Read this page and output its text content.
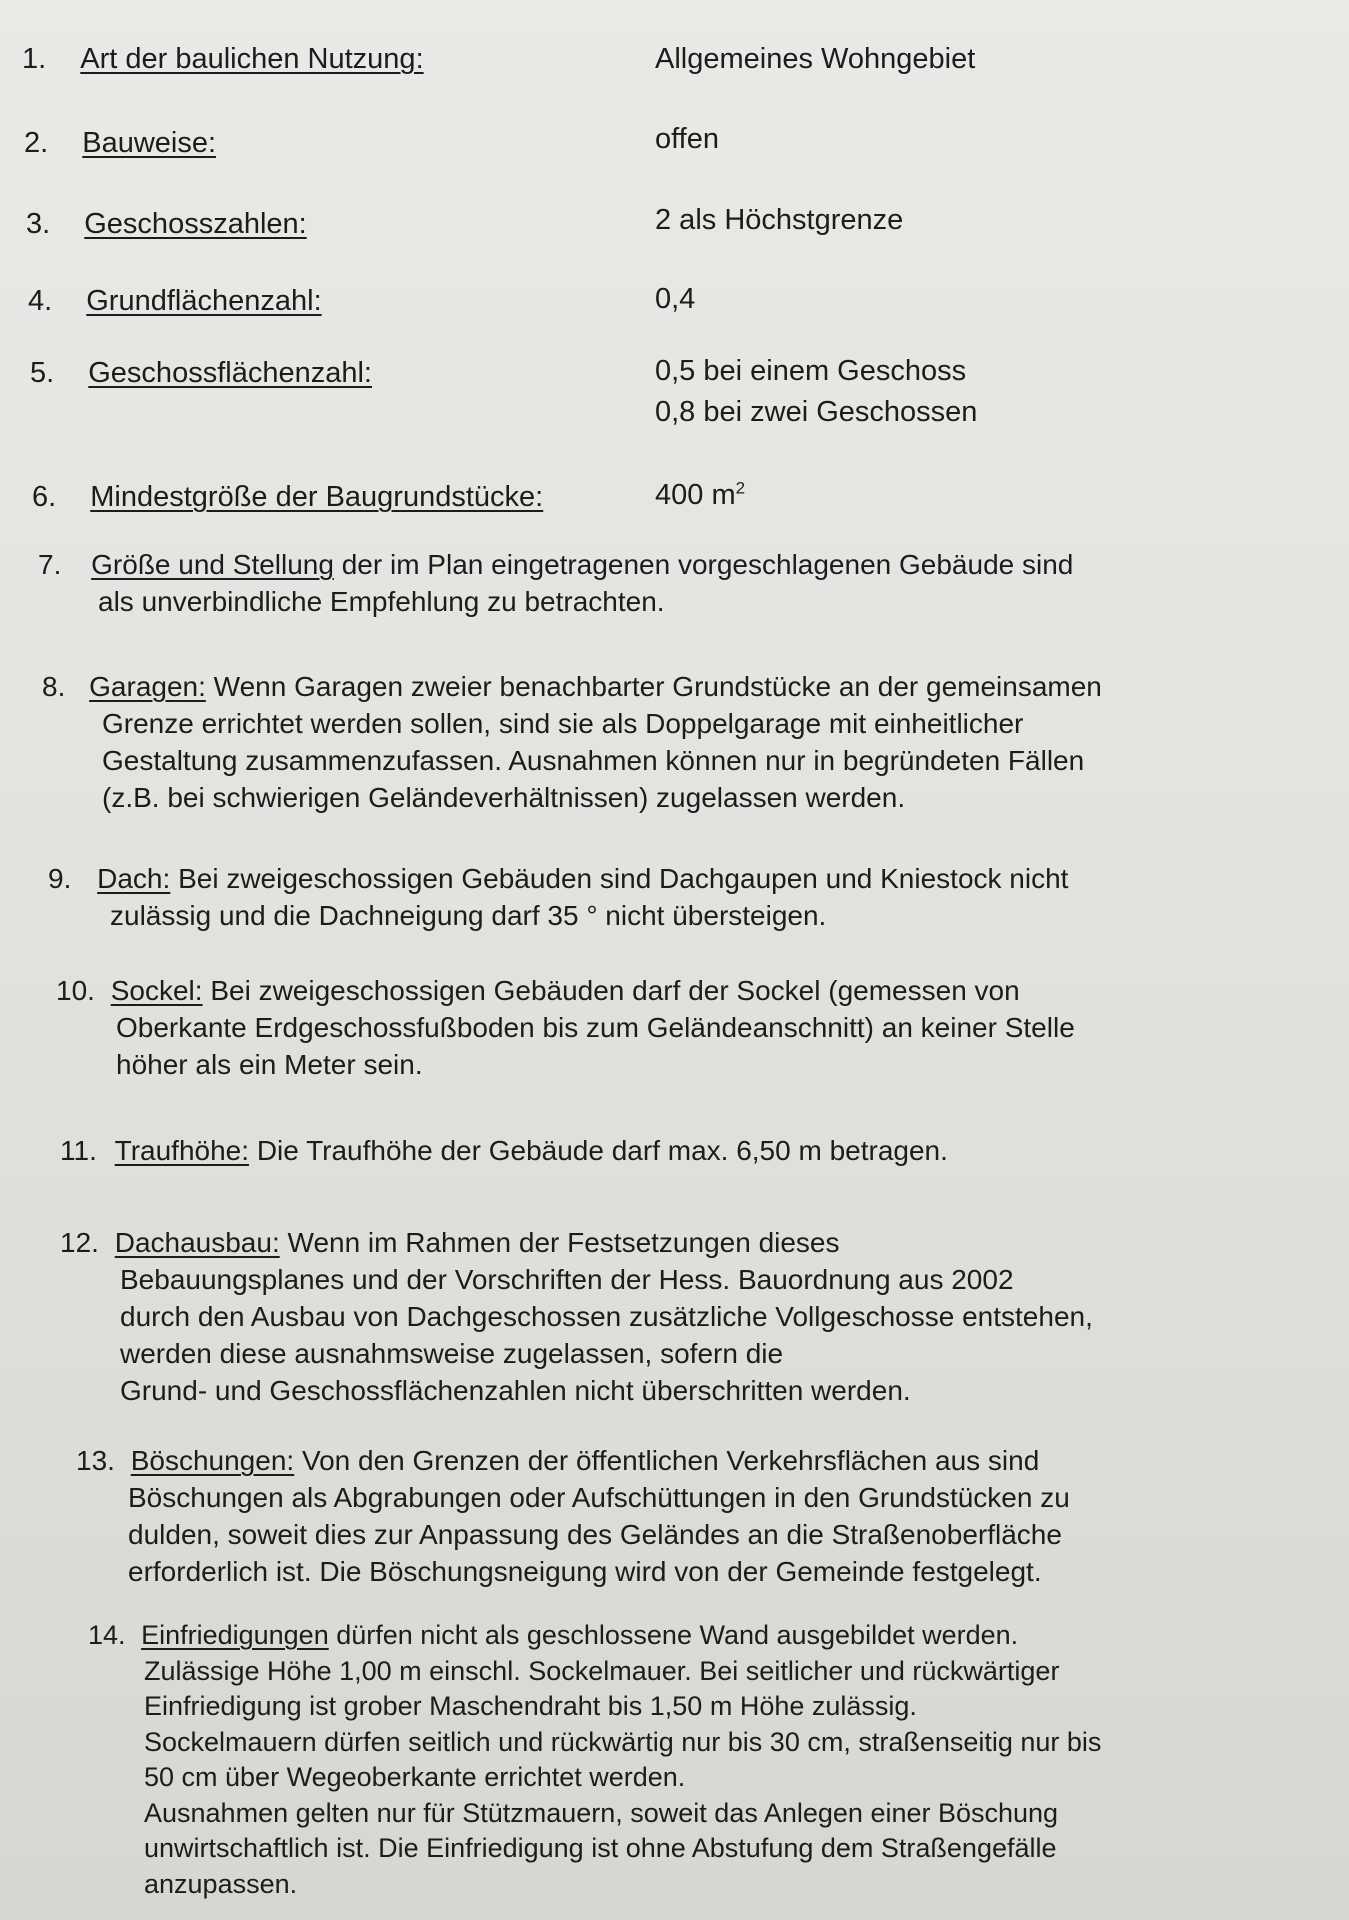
1. Art der baulichen Nutzung:	Allgemeines Wohngebiet
2. Bauweise:	offen
3. Geschosszahlen:	2 als Höchstgrenze
4. Grundflächenzahl:	0,4
5. Geschossflächenzahl:	0,5 bei einem Geschoss
0,8 bei zwei Geschossen
6. Mindestgröße der Baugrundstücke:	400 $m^2$
7. Größe und Stellung der im Plan eingetragenen vorgeschlagenen Gebäude sind
als unverbindliche Empfehlung zu betrachten.
8. Garagen: Wenn Garagen zweier benachbarter Grundstücke an der gemeinsamen
Grenze errichtet werden sollen, sind sie als Doppelgarage mit einheitlicher
Gestaltung zusammenzufassen. Ausnahmen können nur in begründeten Fällen
(z.B. bei schwierigen Geländeverhältnissen) zugelassen werden.
9. Dach: Bei zweigeschossigen Gebäuden sind Dachgaupen und Kniestock nicht
zulässig und die Dachneigung darf 35 ° nicht übersteigen.
10. Sockel: Bei zweigeschossigen Gebäuden darf der Sockel (gemessen von
Oberkante Erdgeschossfußboden bis zum Geländeanschnitt) an keiner Stelle
höher als ein Meter sein.
11. Traufhöhe: Die Traufhöhe der Gebäude darf max. 6,50 m betragen.
12. Dachausbau: Wenn im Rahmen der Festsetzungen dieses
Bebauungsplanes und der Vorschriften der Hess. Bauordnung aus 2002
durch den Ausbau von Dachgeschossen zusätzliche Vollgeschosse entstehen,
werden diese ausnahmsweise zugelassen, sofern die
Grund- und Geschossflächenzahlen nicht überschritten werden.
13. Böschungen: Von den Grenzen der öffentlichen Verkehrsflächen aus sind
Böschungen als Abgrabungen oder Aufschüttungen in den Grundstücken zu
dulden, soweit dies zur Anpassung des Geländes an die Straßenoberfläche
erforderlich ist. Die Böschungsneigung wird von der Gemeinde festgelegt.
14. Einfriedigungen dürfen nicht als geschlossene Wand ausgebildet werden.
Zulässige Höhe 1,00 m einschl. Sockelmauer. Bei seitlicher und rückwärtiger
Einfriedigung ist grober Maschendraht bis 1,50 m Höhe zulässig.
Sockelmauern dürfen seitlich und rückwärtig nur bis 30 cm, straßenseitig nur bis
50 cm über Wegeoberkante errichtet werden.
Ausnahmen gelten nur für Stützmauern, soweit das Anlegen einer Böschung
unwirtschaftlich ist. Die Einfriedigung ist ohne Abstufung dem Straßengefälle
anzupassen.
